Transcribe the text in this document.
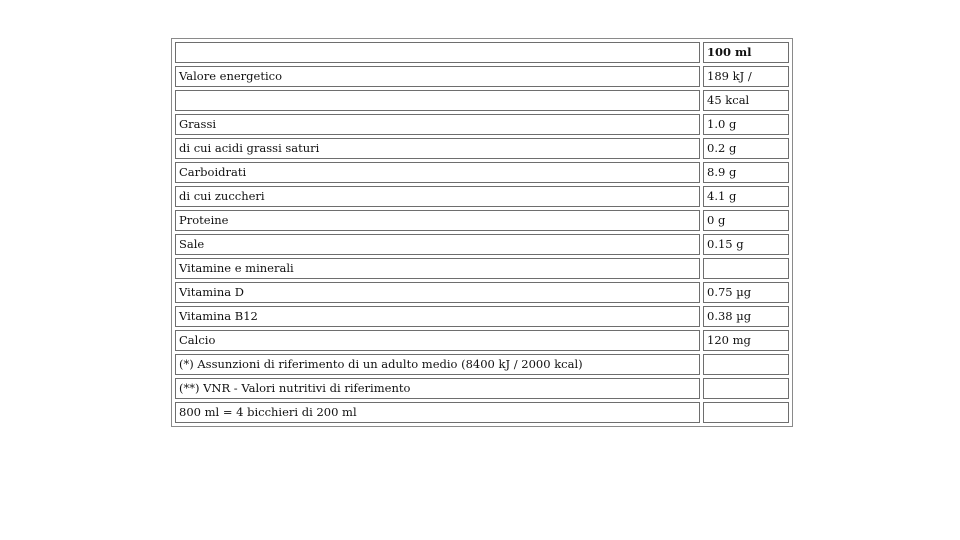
	100 ml
Valore energetico	189 kJ /
	45 kcal
Grassi	1.0 g
di cui acidi grassi saturi	0.2 g
Carboidrati	8.9 g
di cui zuccheri	4.1 g
Proteine	0 g
Sale	0.15 g
Vitamine e minerali	
Vitamina D	0.75 µg
Vitamina B12	0.38 µg
Calcio	120 mg
(*) Assunzioni di riferimento di un adulto medio (8400 kJ / 2000 kcal)	
(**) VNR - Valori nutritivi di riferimento	
800 ml = 4 bicchieri di 200 ml	
